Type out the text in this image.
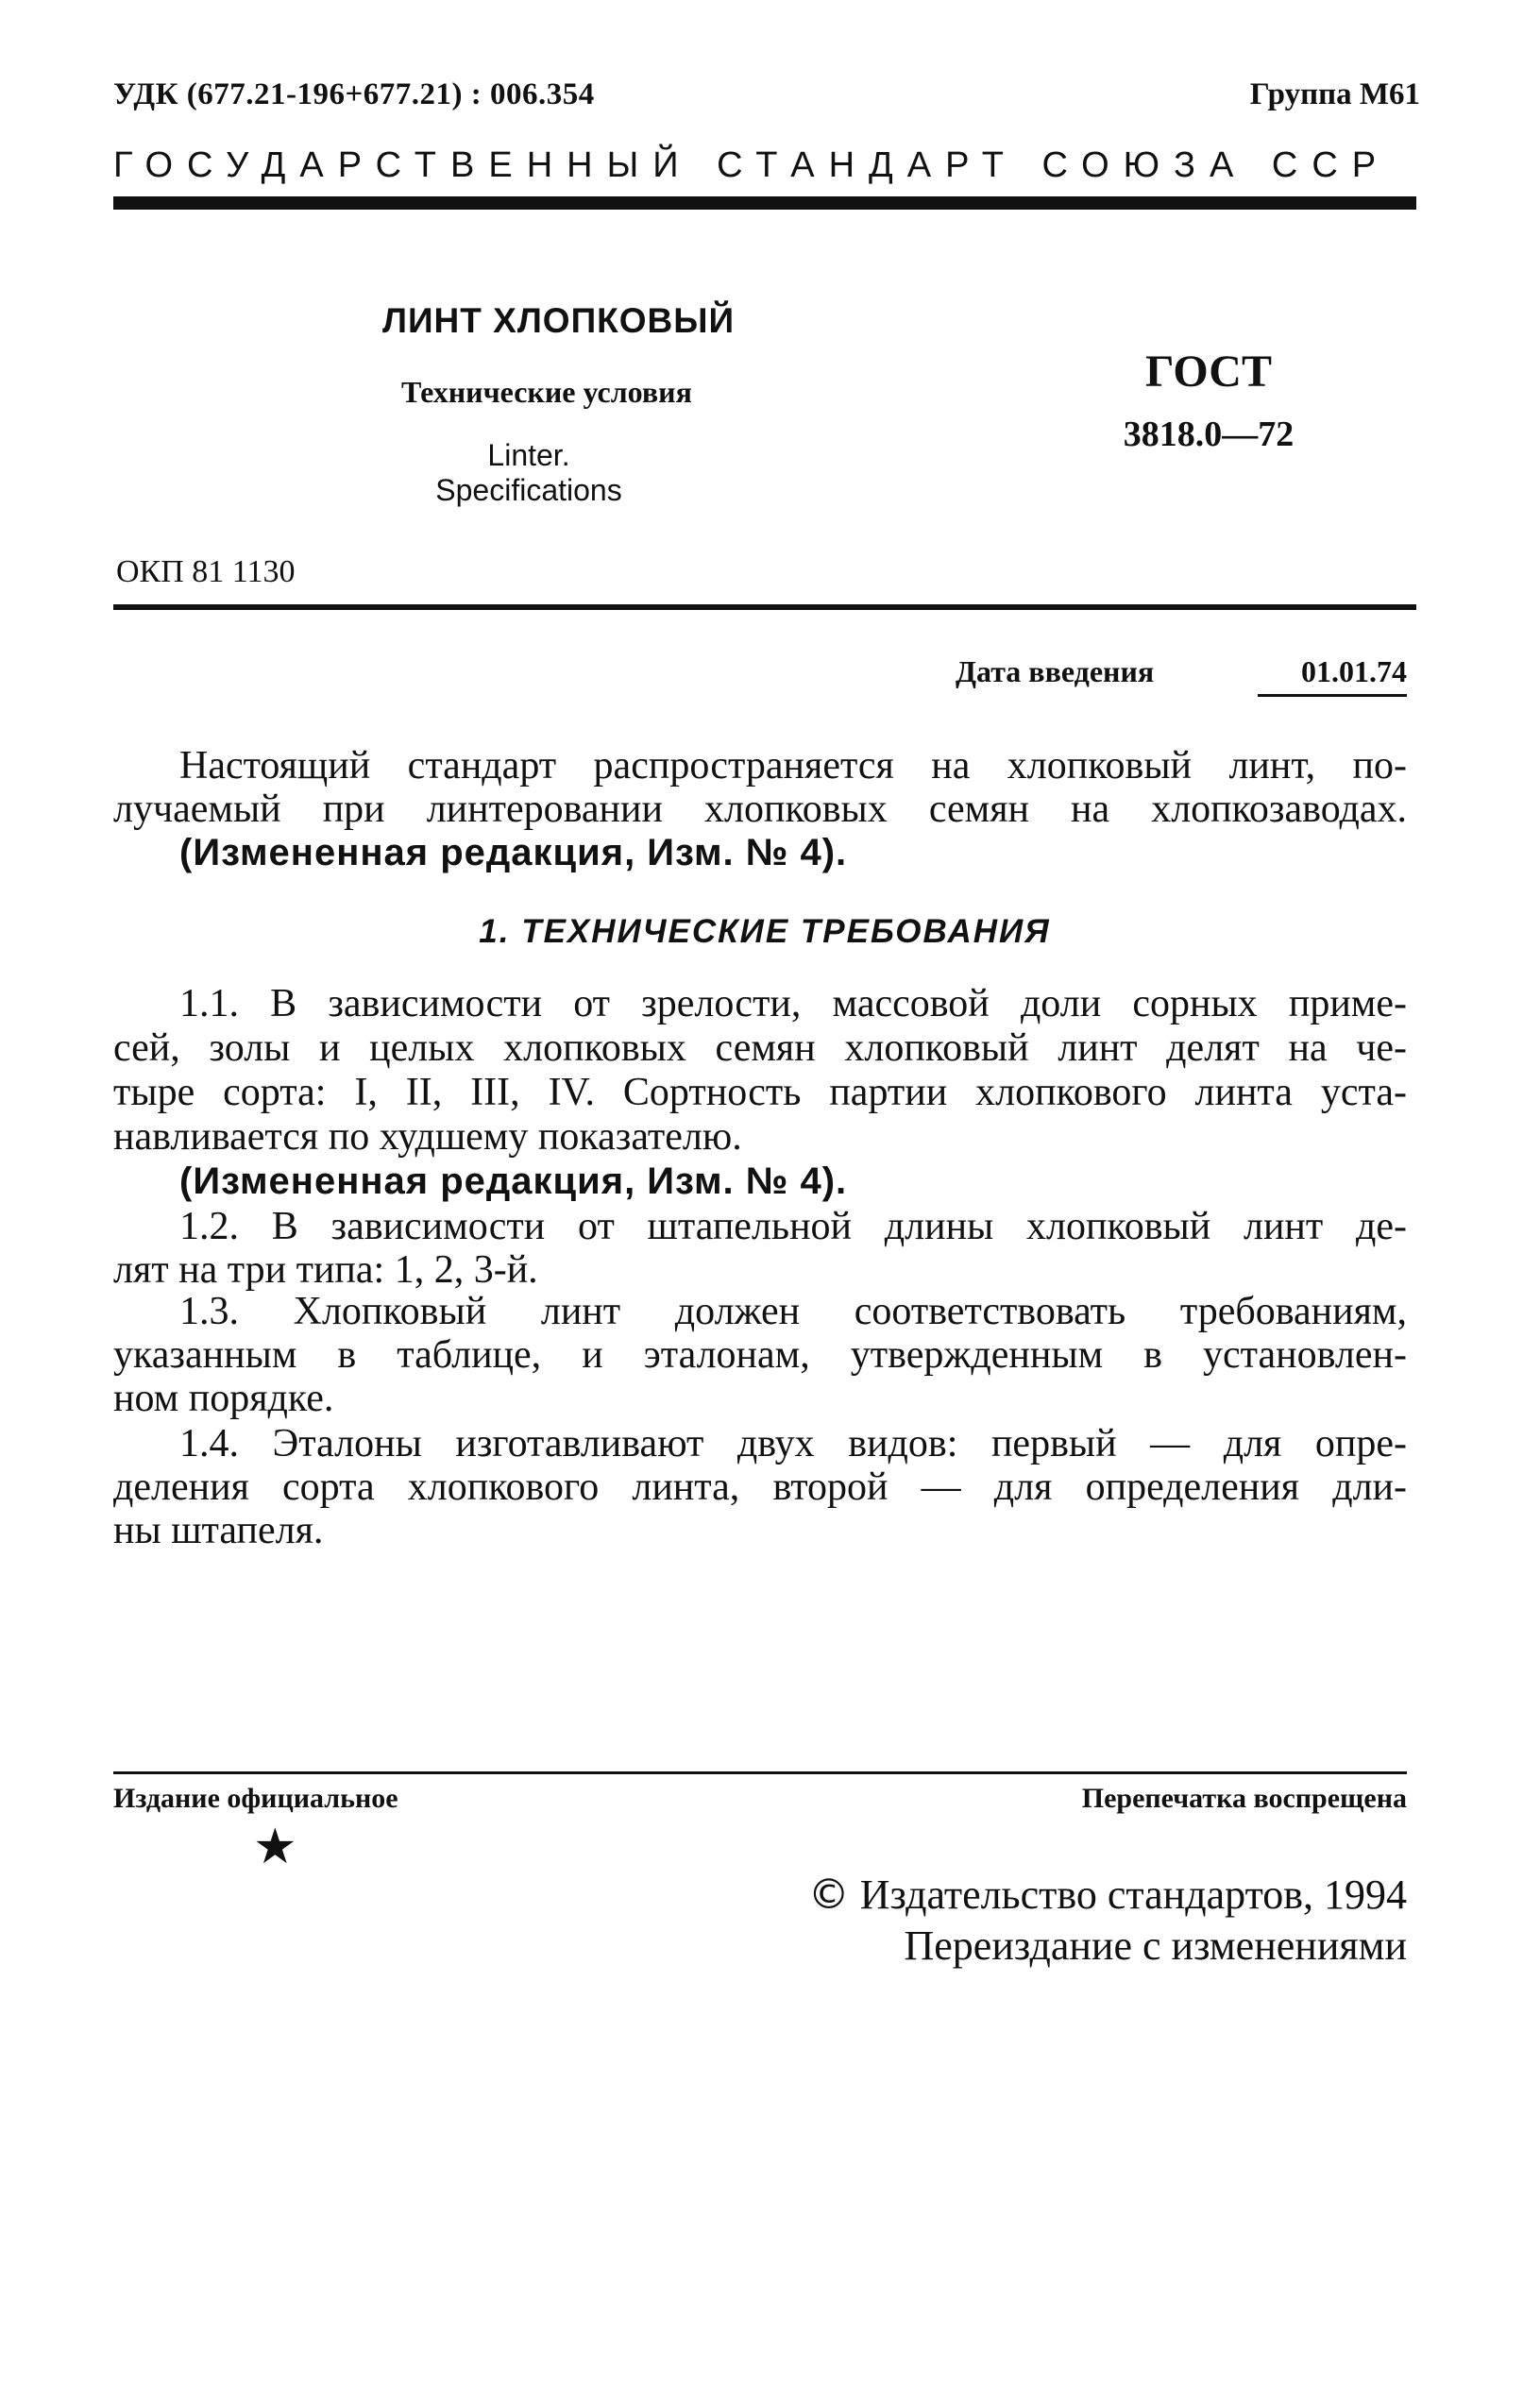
УДК (677.21-196+677.21) : 006.354	Группа М61
ГОСУДАРСТВЕННЫЙ СТАНДАРТ СОЮЗА ССР
ЛИНТ ХЛОПКОВЫЙ
Технические условия
Linter.
Specifications
ГОСТ
3818.0—72
ОКП 81 1130
Дата введения	01.01.74
Настоящий стандарт распространяется на хлопковый линт, по-
лучаемый при линтеровании хлопковых семян на хлопкозаводах.
(Измененная редакция, Изм. № 4).
1. ТЕХНИЧЕСКИЕ ТРЕБОВАНИЯ
1.1. В зависимости от зрелости, массовой доли сорных приме-
сей, золы и целых хлопковых семян хлопковый линт делят на че-
тыре сорта: I, II, III, IV. Сортность партии хлопкового линта уста-
навливается по худшему показателю.
(Измененная редакция, Изм. № 4).
1.2. В зависимости от штапельной длины хлопковый линт де-
лят на три типа: 1, 2, 3-й.
1.3. Хлопковый линт должен соответствовать требованиям,
указанным в таблице, и эталонам, утвержденным в установлен-
ном порядке.
1.4. Эталоны изготавливают двух видов: первый — для опре-
деления сорта хлопкового линта, второй — для определения дли-
ны штапеля.
Издание официальное	Перепечатка воспрещена
★
© Издательство стандартов, 1994
Переиздание с изменениями
